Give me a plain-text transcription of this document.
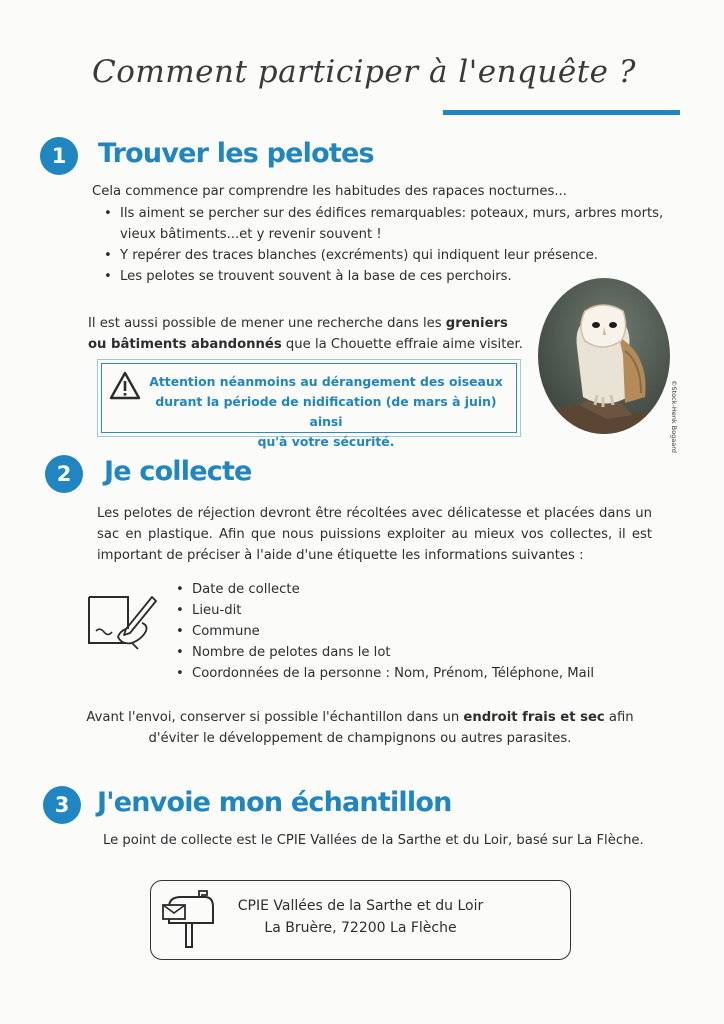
Comment participer à l'enquête ?
1	Trouver les pelotes
Cela commence par comprendre les habitudes des rapaces nocturnes...
• Ils aiment se percher sur des édifices remarquables: poteaux, murs, arbres morts, vieux bâtiments...et y revenir souvent !
• Y repérer des traces blanches (excréments) qui indiquent leur présence.
• Les pelotes se trouvent souvent à la base de ces perchoirs.
Il est aussi possible de mener une recherche dans les greniers
ou bâtiments abandonnés que la Chouette effraie aime visiter.
Attention néanmoins au dérangement des oiseaux
durant la période de nidification (de mars à juin) ainsi
qu'à votre sécurité.	©Stock-Henk Bogaard
2	Je collecte
Les pelotes de réjection devront être récoltées avec délicatesse et placées dans un sac en plastique. Afin que nous puissions exploiter au mieux vos collectes, il est important de préciser à l'aide d'une étiquette les informations suivantes :
• Date de collecte
• Lieu-dit
• Commune
• Nombre de pelotes dans le lot
• Coordonnées de la personne : Nom, Prénom, Téléphone, Mail
Avant l'envoi, conserver si possible l'échantillon dans un endroit frais et sec afin
d'éviter le développement de champignons ou autres parasites.
3	J'envoie mon échantillon
Le point de collecte est le CPIE Vallées de la Sarthe et du Loir, basé sur La Flèche.
CPIE Vallées de la Sarthe et du Loir
La Bruère, 72200 La Flèche
